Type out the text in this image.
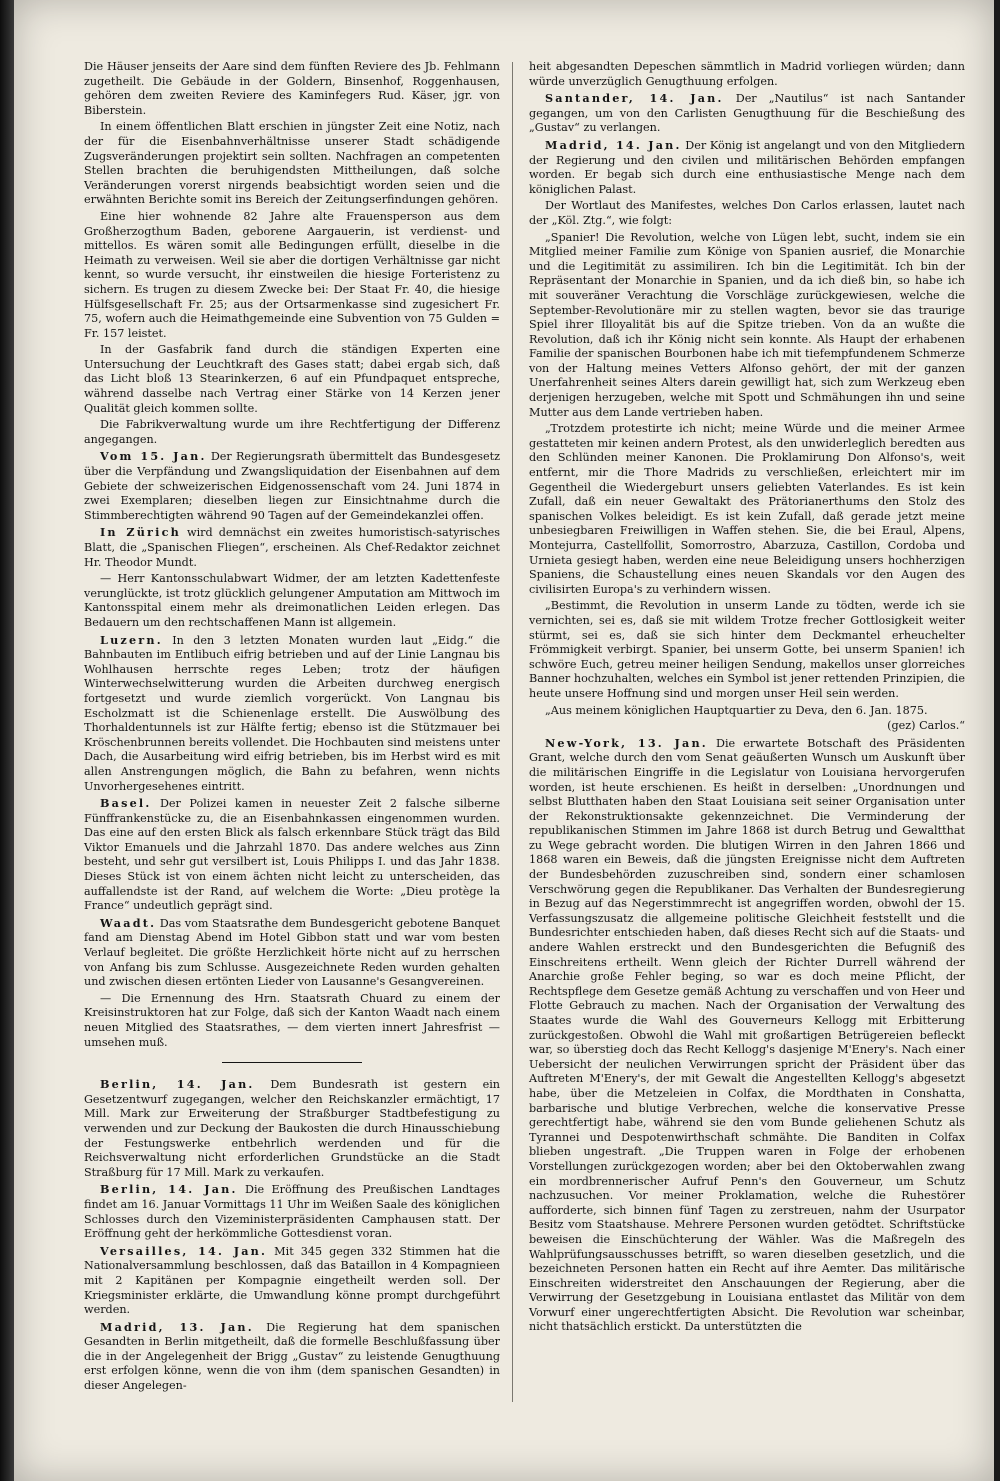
Die Häuser jenseits der Aare sind dem fünften Reviere des Jb. Fehlmann zugetheilt. Die Gebäude in der Goldern, Binsenhof, Roggenhausen, gehören dem zweiten Reviere des Kaminfegers Rud. Käser, jgr. von Biberstein.

In einem öffentlichen Blatt erschien in jüngster Zeit eine Notiz, nach der für die Eisenbahnverhältnisse unserer Stadt schädigende Zugsveränderungen projektirt sein sollten. Nachfragen an competenten Stellen brachten die beruhigendsten Mittheilungen, daß solche Veränderungen vorerst nirgends beabsichtigt worden seien und die erwähnten Berichte somit ins Bereich der Zeitungserfindungen gehören.

Eine hier wohnende 82 Jahre alte Frauensperson aus dem Großherzogthum Baden, geborene Aargauerin, ist verdienst- und mittellos. Es wären somit alle Bedingungen erfüllt, dieselbe in die Heimath zu verweisen. Weil sie aber die dortigen Verhältnisse gar nicht kennt, so wurde versucht, ihr einstweilen die hiesige Forteristenz zu sichern. Es trugen zu diesem Zwecke bei: Der Staat Fr. 40, die hiesige Hülfsgesellschaft Fr. 25; aus der Ortsarmenkasse sind zugesichert Fr. 75, wofern auch die Heimathgemeinde eine Subvention von 75 Gulden = Fr. 157 leistet.

In der Gasfabrik fand durch die ständigen Experten eine Untersuchung der Leuchtkraft des Gases statt; dabei ergab sich, daß das Licht bloß 13 Stearinkerzen, 6 auf ein Pfundpaquet entspreche, während dasselbe nach Vertrag einer Stärke von 14 Kerzen jener Qualität gleich kommen sollte.

Die Fabrikverwaltung wurde um ihre Rechtfertigung der Differenz angegangen.

Vom 15. Jan. Der Regierungsrath übermittelt das Bundesgesetz über die Verpfändung und Zwangsliquidation der Eisenbahnen auf dem Gebiete der schweizerischen Eidgenossenschaft vom 24. Juni 1874 in zwei Exemplaren; dieselben liegen zur Einsichtnahme durch die Stimmberechtigten während 90 Tagen auf der Gemeindekanzlei offen.

In Zürich wird demnächst ein zweites humoristisch-satyrisches Blatt, die „Spanischen Fliegen“, erscheinen. Als Chef-Redaktor zeichnet Hr. Theodor Mundt.

— Herr Kantonsschulabwart Widmer, der am letzten Kadettenfeste verunglückte, ist trotz glücklich gelungener Amputation am Mittwoch im Kantonsspital einem mehr als dreimonatlichen Leiden erlegen. Das Bedauern um den rechtschaffenen Mann ist allgemein.

Luzern. In den 3 letzten Monaten wurden laut „Eidg.“ die Bahnbauten im Entlibuch eifrig betrieben und auf der Linie Langnau bis Wohlhausen herrschte reges Leben; trotz der häufigen Winterwechselwitterung wurden die Arbeiten durchweg energisch fortgesetzt und wurde ziemlich vorgerückt. Von Langnau bis Escholzmatt ist die Schienenlage erstellt. Die Auswölbung des Thorhaldentunnels ist zur Hälfte fertig; ebenso ist die Stützmauer bei Kröschenbrunnen bereits vollendet. Die Hochbauten sind meistens unter Dach, die Ausarbeitung wird eifrig betrieben, bis im Herbst wird es mit allen Anstrengungen möglich, die Bahn zu befahren, wenn nichts Unvorhergesehenes eintritt.

Basel. Der Polizei kamen in neuester Zeit 2 falsche silberne Fünffrankenstücke zu, die an Eisenbahnkassen eingenommen wurden. Das eine auf den ersten Blick als falsch erkennbare Stück trägt das Bild Viktor Emanuels und die Jahrzahl 1870. Das andere welches aus Zinn besteht, und sehr gut versilbert ist, Louis Philipps I. und das Jahr 1838. Dieses Stück ist von einem ächten nicht leicht zu unterscheiden, das auffallendste ist der Rand, auf welchem die Worte: „Dieu protège la France“ undeutlich geprägt sind.

Waadt. Das vom Staatsrathe dem Bundesgericht gebotene Banquet fand am Dienstag Abend im Hotel Gibbon statt und war vom besten Verlauf begleitet. Die größte Herzlichkeit hörte nicht auf zu herrschen von Anfang bis zum Schlusse. Ausgezeichnete Reden wurden gehalten und zwischen diesen ertönten Lieder von Lausanne's Gesangvereinen.

— Die Ernennung des Hrn. Staatsrath Chuard zu einem der Kreisinstruktoren hat zur Folge, daß sich der Kanton Waadt nach einem neuen Mitglied des Staatsrathes, — dem vierten innert Jahresfrist — umsehen muß.

Berlin, 14. Jan. Dem Bundesrath ist gestern ein Gesetzentwurf zugegangen, welcher den Reichskanzler ermächtigt, 17 Mill. Mark zur Erweiterung der Straßburger Stadtbefestigung zu verwenden und zur Deckung der Baukosten die durch Hinausschiebung der Festungswerke entbehrlich werdenden und für die Reichsverwaltung nicht erforderlichen Grundstücke an die Stadt Straßburg für 17 Mill. Mark zu verkaufen.

Berlin, 14. Jan. Die Eröffnung des Preußischen Landtages findet am 16. Januar Vormittags 11 Uhr im Weißen Saale des königlichen Schlosses durch den Vizeministerpräsidenten Camphausen statt. Der Eröffnung geht der herkömmliche Gottesdienst voran.

Versailles, 14. Jan. Mit 345 gegen 332 Stimmen hat die Nationalversammlung beschlossen, daß das Bataillon in 4 Kompagnieen mit 2 Kapitänen per Kompagnie eingetheilt werden soll. Der Kriegsminister erklärte, die Umwandlung könne prompt durchgeführt werden.

Madrid, 13. Jan. Die Regierung hat dem spanischen Gesandten in Berlin mitgetheilt, daß die formelle Beschlußfassung über die in der Angelegenheit der Brigg „Gustav“ zu leistende Genugthuung erst erfolgen könne, wenn die von ihm (dem spanischen Gesandten) in dieser Angelegen-

heit abgesandten Depeschen sämmtlich in Madrid vorliegen würden; dann würde unverzüglich Genugthuung erfolgen.

Santander, 14. Jan. Der „Nautilus“ ist nach Santander gegangen, um von den Carlisten Genugthuung für die Beschießung des „Gustav“ zu verlangen.

Madrid, 14. Jan. Der König ist angelangt und von den Mitgliedern der Regierung und den civilen und militärischen Behörden empfangen worden. Er begab sich durch eine enthusiastische Menge nach dem königlichen Palast.

Der Wortlaut des Manifestes, welches Don Carlos erlassen, lautet nach der „Köl. Ztg.“, wie folgt:

„Spanier! Die Revolution, welche von Lügen lebt, sucht, indem sie ein Mitglied meiner Familie zum Könige von Spanien ausrief, die Monarchie und die Legitimität zu assimiliren. Ich bin die Legitimität. Ich bin der Repräsentant der Monarchie in Spanien, und da ich dieß bin, so habe ich mit souveräner Verachtung die Vorschläge zurückgewiesen, welche die September-Revolutionäre mir zu stellen wagten, bevor sie das traurige Spiel ihrer Illoyalität bis auf die Spitze trieben. Von da an wußte die Revolution, daß ich ihr König nicht sein konnte. Als Haupt der erhabenen Familie der spanischen Bourbonen habe ich mit tiefempfundenem Schmerze von der Haltung meines Vetters Alfonso gehört, der mit der ganzen Unerfahrenheit seines Alters darein gewilligt hat, sich zum Werkzeug eben derjenigen herzugeben, welche mit Spott und Schmähungen ihn und seine Mutter aus dem Lande vertrieben haben.

„Trotzdem protestirte ich nicht; meine Würde und die meiner Armee gestatteten mir keinen andern Protest, als den unwiderleglich beredten aus den Schlünden meiner Kanonen. Die Proklamirung Don Alfonso's, weit entfernt, mir die Thore Madrids zu verschließen, erleichtert mir im Gegentheil die Wiedergeburt unsers geliebten Vaterlandes. Es ist kein Zufall, daß ein neuer Gewaltakt des Prätorianerthums den Stolz des spanischen Volkes beleidigt. Es ist kein Zufall, daß gerade jetzt meine unbesiegbaren Freiwilligen in Waffen stehen. Sie, die bei Eraul, Alpens, Montejurra, Castellfollit, Somorrostro, Abarzuza, Castillon, Cordoba und Urnieta gesiegt haben, werden eine neue Beleidigung unsers hochherzigen Spaniens, die Schaustellung eines neuen Skandals vor den Augen des civilisirten Europa's zu verhindern wissen.

„Bestimmt, die Revolution in unserm Lande zu tödten, werde ich sie vernichten, sei es, daß sie mit wildem Trotze frecher Gottlosigkeit weiter stürmt, sei es, daß sie sich hinter dem Deckmantel erheuchelter Frömmigkeit verbirgt. Spanier, bei unserm Gotte, bei unserm Spanien! ich schwöre Euch, getreu meiner heiligen Sendung, makellos unser glorreiches Banner hochzuhalten, welches ein Symbol ist jener rettenden Prinzipien, die heute unsere Hoffnung sind und morgen unser Heil sein werden.

„Aus meinem königlichen Hauptquartier zu Deva, den 6. Jan. 1875.

(gez) Carlos.“

New-York, 13. Jan. Die erwartete Botschaft des Präsidenten Grant, welche durch den vom Senat geäußerten Wunsch um Auskunft über die militärischen Eingriffe in die Legislatur von Louisiana hervorgerufen worden, ist heute erschienen. Es heißt in derselben: „Unordnungen und selbst Blutthaten haben den Staat Louisiana seit seiner Organisation unter der Rekonstruktionsakte gekennzeichnet. Die Verminderung der republikanischen Stimmen im Jahre 1868 ist durch Betrug und Gewaltthat zu Wege gebracht worden. Die blutigen Wirren in den Jahren 1866 und 1868 waren ein Beweis, daß die jüngsten Ereignisse nicht dem Auftreten der Bundesbehörden zuzuschreiben sind, sondern einer schamlosen Verschwörung gegen die Republikaner. Das Verhalten der Bundesregierung in Bezug auf das Negerstimmrecht ist angegriffen worden, obwohl der 15. Verfassungszusatz die allgemeine politische Gleichheit feststellt und die Bundesrichter entschieden haben, daß dieses Recht sich auf die Staats- und andere Wahlen erstreckt und den Bundesgerichten die Befugniß des Einschreitens ertheilt. Wenn gleich der Richter Durrell während der Anarchie große Fehler beging, so war es doch meine Pflicht, der Rechtspflege dem Gesetze gemäß Achtung zu verschaffen und von Heer und Flotte Gebrauch zu machen. Nach der Organisation der Verwaltung des Staates wurde die Wahl des Gouverneurs Kellogg mit Erbitterung zurückgestoßen. Obwohl die Wahl mit großartigen Betrügereien befleckt war, so überstieg doch das Recht Kellogg's dasjenige M'Enery's. Nach einer Uebersicht der neulichen Verwirrungen spricht der Präsident über das Auftreten M'Enery's, der mit Gewalt die Angestellten Kellogg's abgesetzt habe, über die Metzeleien in Colfax, die Mordthaten in Conshatta, barbarische und blutige Verbrechen, welche die konservative Presse gerechtfertigt habe, während sie den vom Bunde geliehenen Schutz als Tyrannei und Despotenwirthschaft schmähte. Die Banditen in Colfax blieben ungestraft. „Die Truppen waren in Folge der erhobenen Vorstellungen zurückgezogen worden; aber bei den Oktoberwahlen zwang ein mordbrennerischer Aufruf Penn's den Gouverneur, um Schutz nachzusuchen. Vor meiner Proklamation, welche die Ruhestörer aufforderte, sich binnen fünf Tagen zu zerstreuen, nahm der Usurpator Besitz vom Staatshause. Mehrere Personen wurden getödtet. Schriftstücke beweisen die Einschüchterung der Wähler. Was die Maßregeln des Wahlprüfungsausschusses betrifft, so waren dieselben gesetzlich, und die bezeichneten Personen hatten ein Recht auf ihre Aemter. Das militärische Einschreiten widerstreitet den Anschauungen der Regierung, aber die Verwirrung der Gesetzgebung in Louisiana entlastet das Militär von dem Vorwurf einer ungerechtfertigten Absicht. Die Revolution war scheinbar, nicht thatsächlich erstickt. Da unterstützten die
